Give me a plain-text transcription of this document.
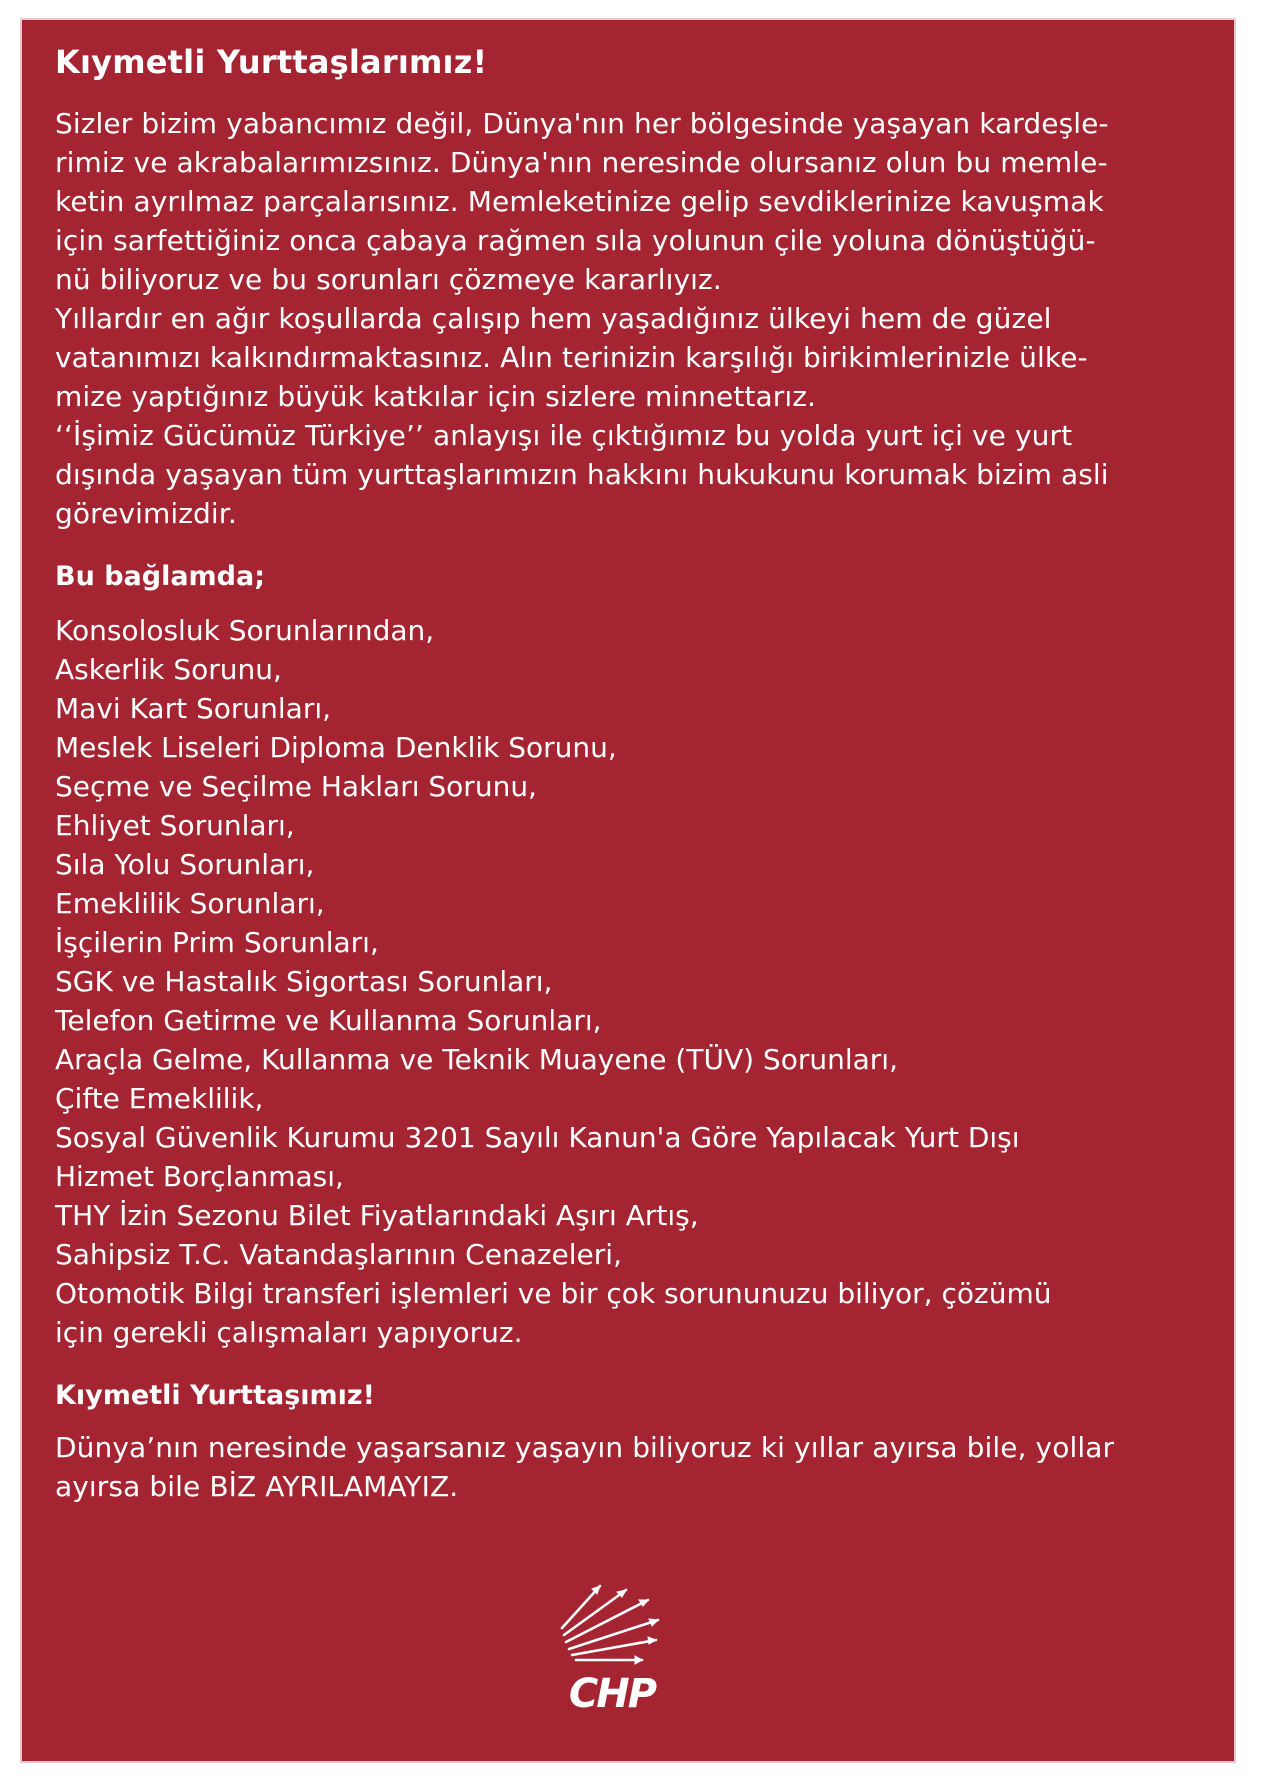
Kıymetli Yurttaşlarımız!

Sizler bizim yabancımız değil, Dünya'nın her bölgesinde yaşayan kardeşle-
rimiz ve akrabalarımızsınız. Dünya'nın neresinde olursanız olun bu memle-
ketin ayrılmaz parçalarısınız. Memleketinize gelip sevdiklerinize kavuşmak
için sarfettiğiniz onca çabaya rağmen sıla yolunun çile yoluna dönüştüğü-
nü biliyoruz ve bu sorunları çözmeye kararlıyız.
Yıllardır en ağır koşullarda çalışıp hem yaşadığınız ülkeyi hem de güzel
vatanımızı kalkındırmaktasınız. Alın terinizin karşılığı birikimlerinizle ülke-
mize yaptığınız büyük katkılar için sizlere minnettarız.
‘‘İşimiz Gücümüz Türkiye’’ anlayışı ile çıktığımız bu yolda yurt içi ve yurt
dışında yaşayan tüm yurttaşlarımızın hakkını hukukunu korumak bizim asli
görevimizdir.

Bu bağlamda;
Konsolosluk Sorunlarından,
Askerlik Sorunu,
Mavi Kart Sorunları,
Meslek Liseleri Diploma Denklik Sorunu,
Seçme ve Seçilme Hakları Sorunu,
Ehliyet Sorunları,
Sıla Yolu Sorunları,
Emeklilik Sorunları,
İşçilerin Prim Sorunları,
SGK ve Hastalık Sigortası Sorunları,
Telefon Getirme ve Kullanma Sorunları,
Araçla Gelme, Kullanma ve Teknik Muayene (TÜV) Sorunları,
Çifte Emeklilik,
Sosyal Güvenlik Kurumu 3201 Sayılı Kanun'a Göre Yapılacak Yurt Dışı
Hizmet Borçlanması,
THY İzin Sezonu Bilet Fiyatlarındaki Aşırı Artış,
Sahipsiz T.C. Vatandaşlarının Cenazeleri,
Otomotik Bilgi transferi işlemleri ve bir çok sorununuzu biliyor, çözümü
için gerekli çalışmaları yapıyoruz.
Kıymetli Yurttaşımız!

Dünya’nın neresinde yaşarsanız yaşayın biliyoruz ki yıllar ayırsa bile, yollar
ayırsa bile BİZ AYRILAMAYIZ.

CHP
